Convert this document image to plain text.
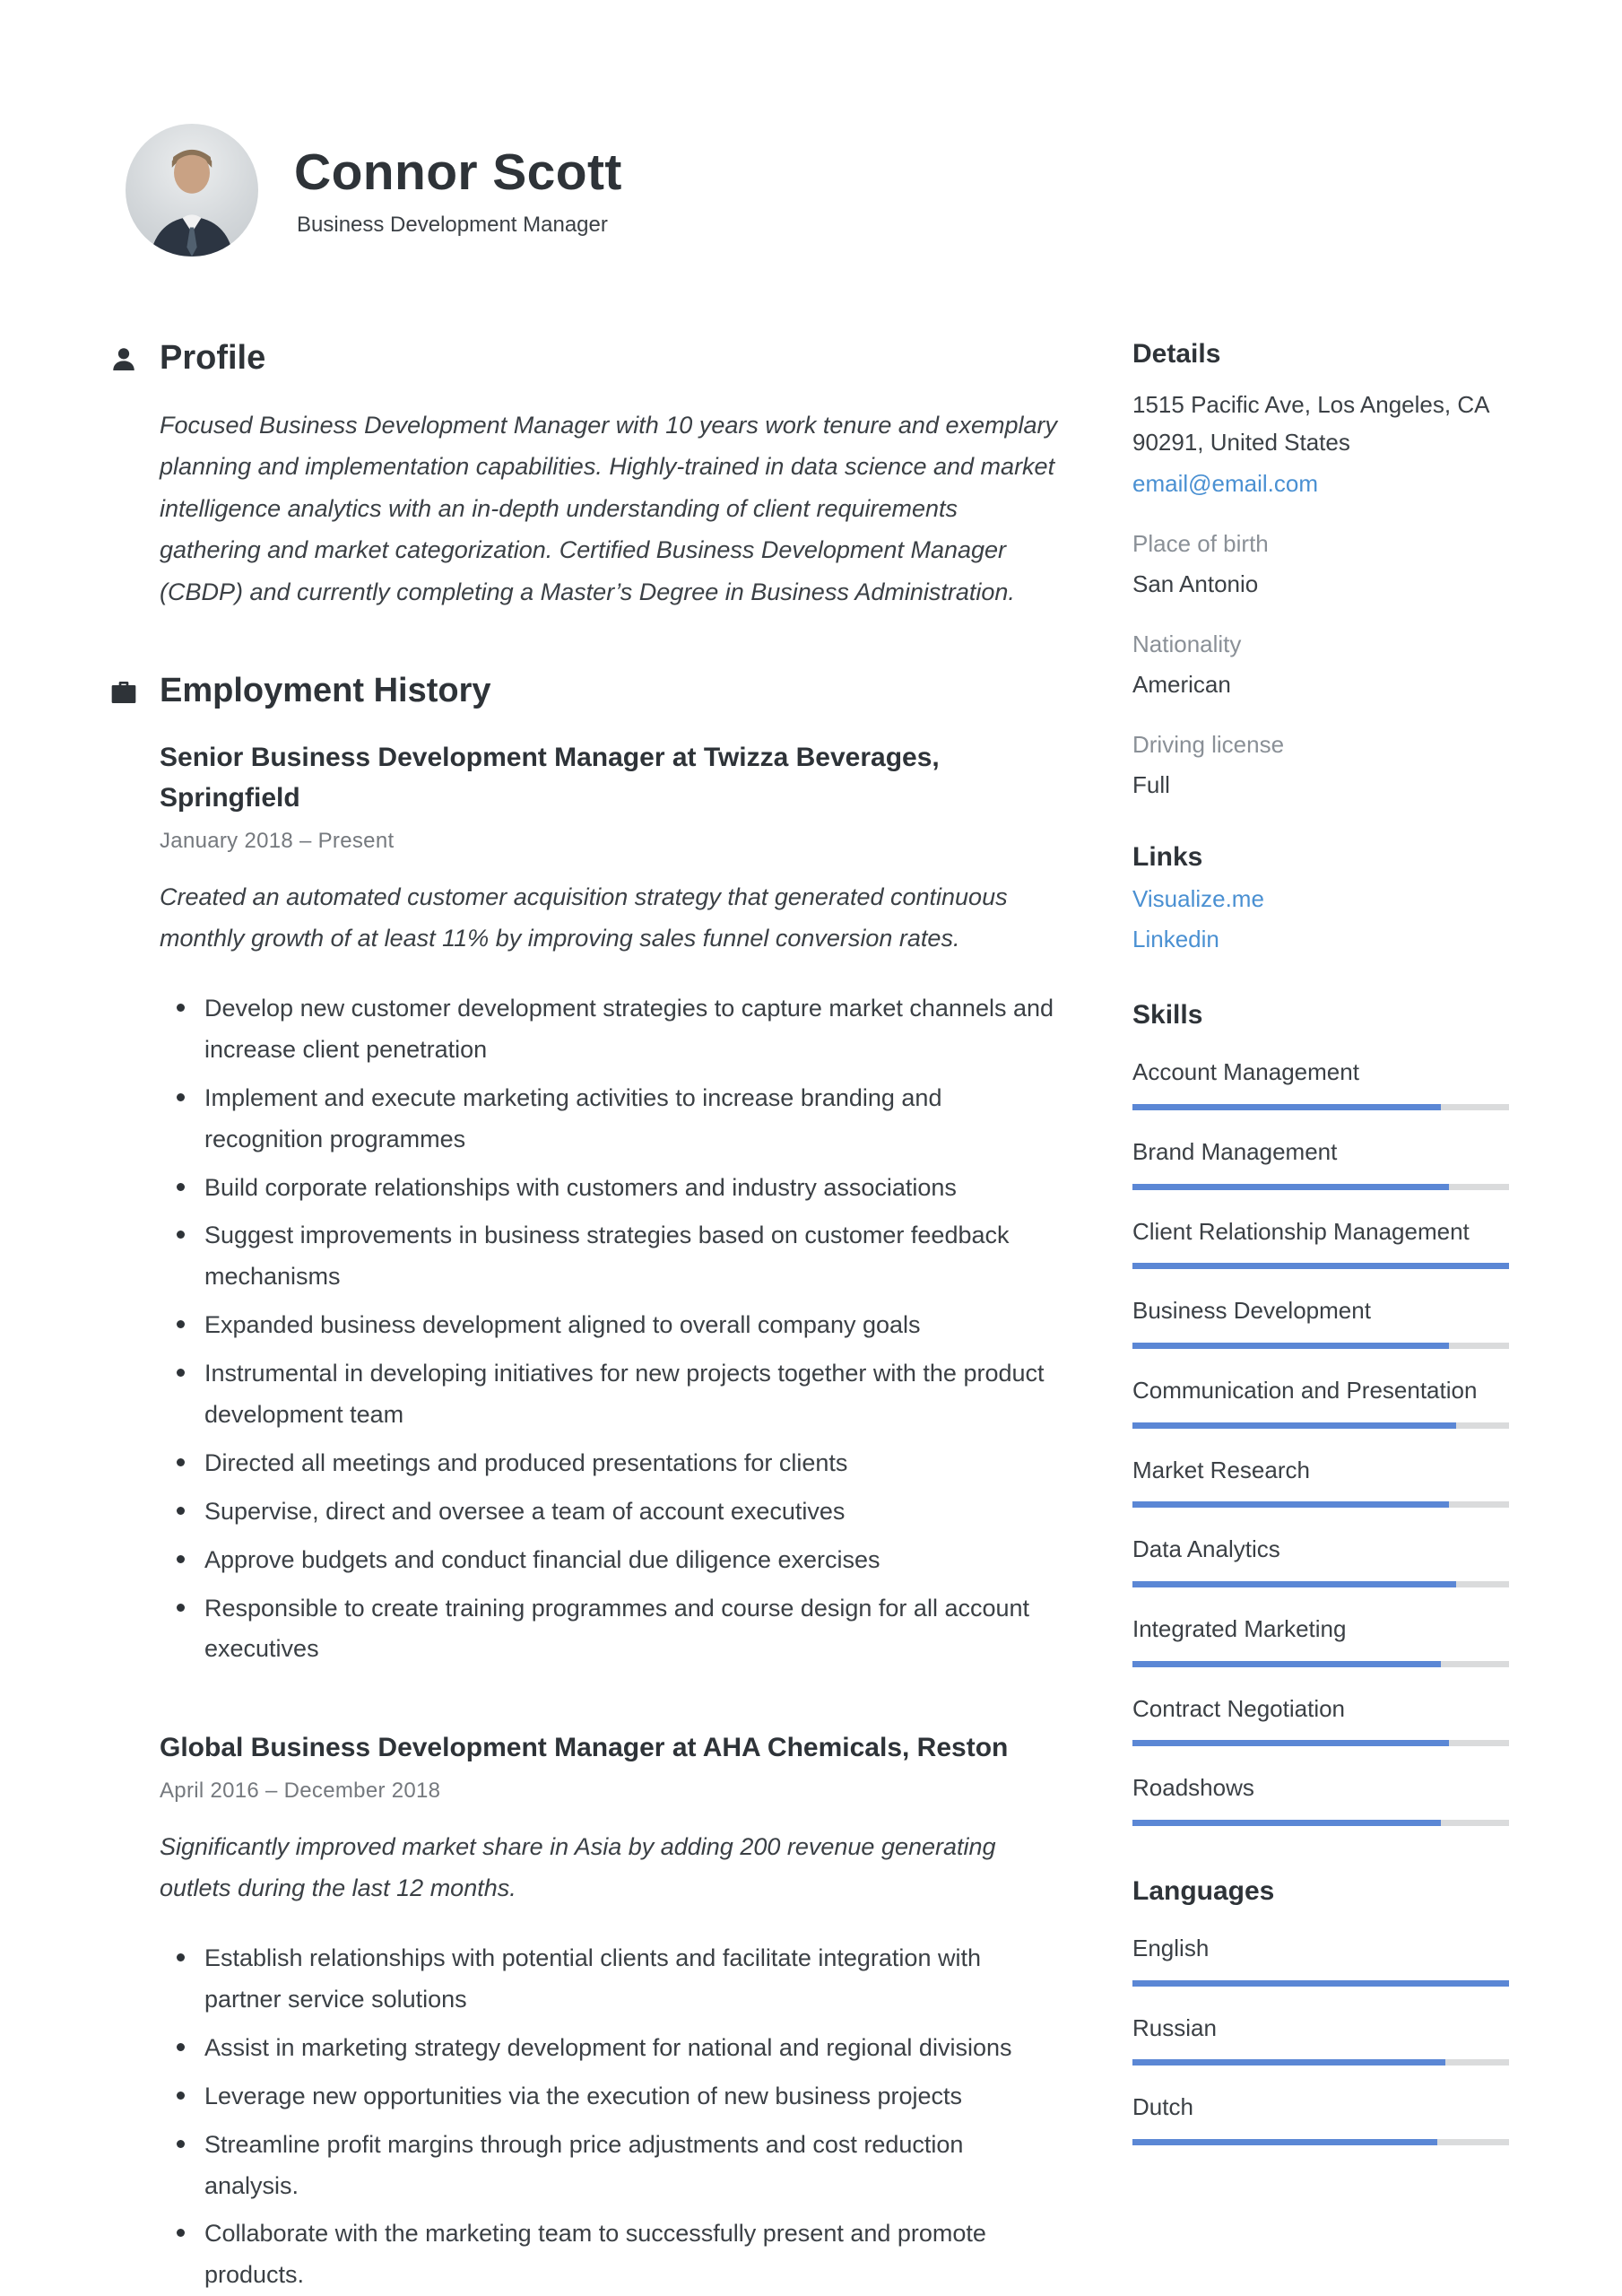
Connor Scott
Business Development Manager
Profile

Focused Business Development Manager with 10 years work tenure and exemplary planning and implementation capabilities. Highly-trained in data science and market intelligence analytics with an in-depth understanding of client requirements gathering and market categorization. Certified Business Development Manager (CBDP) and currently completing a Master’s Degree in Business Administration.

Employment History
Senior Business Development Manager at Twizza Beverages, Springfield
January 2018 – Present

Created an automated customer acquisition strategy that generated continuous monthly growth of at least 11% by improving sales funnel conversion rates.

Develop new customer development strategies to capture market channels and increase client penetration
Implement and execute marketing activities to increase branding and recognition programmes
Build corporate relationships with customers and industry associations
Suggest improvements in business strategies based on customer feedback mechanisms
Expanded business development aligned to overall company goals
Instrumental in developing initiatives for new projects together with the product development team
Directed all meetings and produced presentations for clients
Supervise, direct and oversee a team of account executives
Approve budgets and conduct financial due diligence exercises
Responsible to create training programmes and course design for all account executives
Global Business Development Manager at AHA Chemicals, Reston
April 2016 – December 2018

Significantly improved market share in Asia by adding 200 revenue generating outlets during the last 12 months.

Establish relationships with potential clients and facilitate integration with partner service solutions
Assist in marketing strategy development for national and regional divisions
Leverage new opportunities via the execution of new business projects
Streamline profit margins through price adjustments and cost reduction analysis.
Collaborate with the marketing team to successfully present and promote products.
Details
1515 Pacific Ave, Los Angeles, CA
90291, United States
email@email.com
Place of birth
San Antonio
Nationality
American
Driving license
Full
Links
Visualize.me
Linkedin
Skills
Account Management
Brand Management
Client Relationship Management
Business Development
Communication and Presentation
Market Research
Data Analytics
Integrated Marketing
Contract Negotiation
Roadshows
Languages
English
Russian
Dutch
